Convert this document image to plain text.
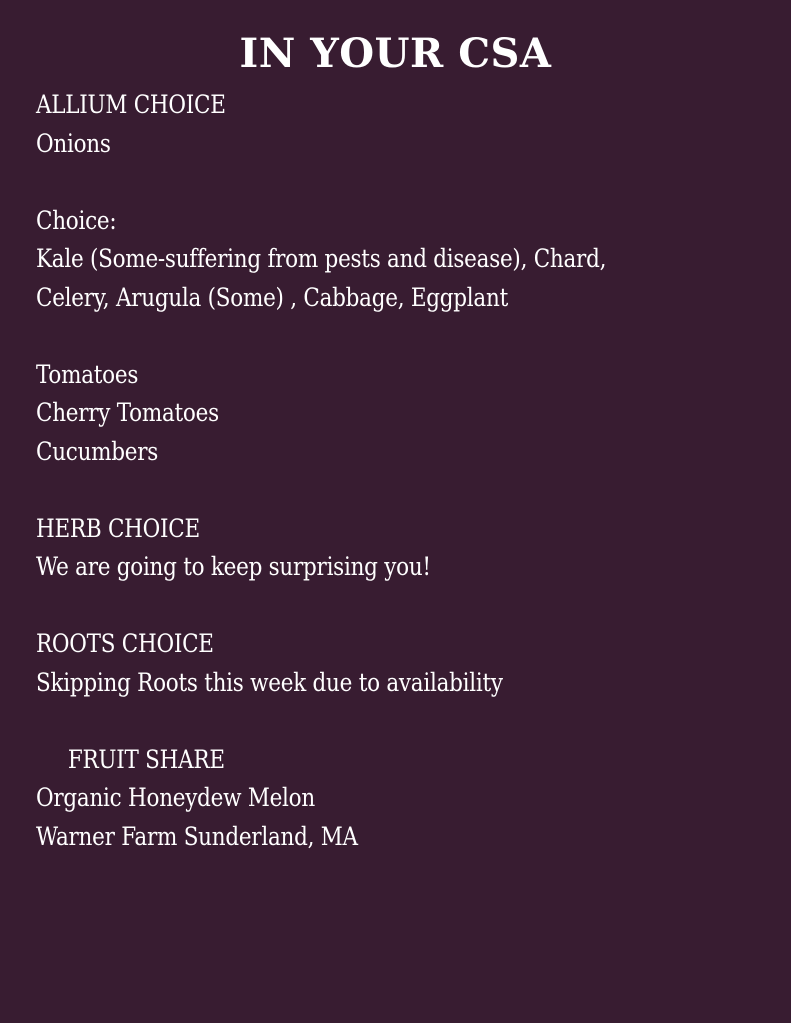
IN YOUR CSA
ALLIUM CHOICE
Onions
Choice:
Kale (Some-suffering from pests and disease), Chard,
Celery, Arugula (Some) , Cabbage, Eggplant
Tomatoes
Cherry Tomatoes
Cucumbers
HERB CHOICE
We are going to keep surprising you!
ROOTS CHOICE
Skipping Roots this week due to availability
FRUIT SHARE
Organic Honeydew Melon
Warner Farm Sunderland, MA
